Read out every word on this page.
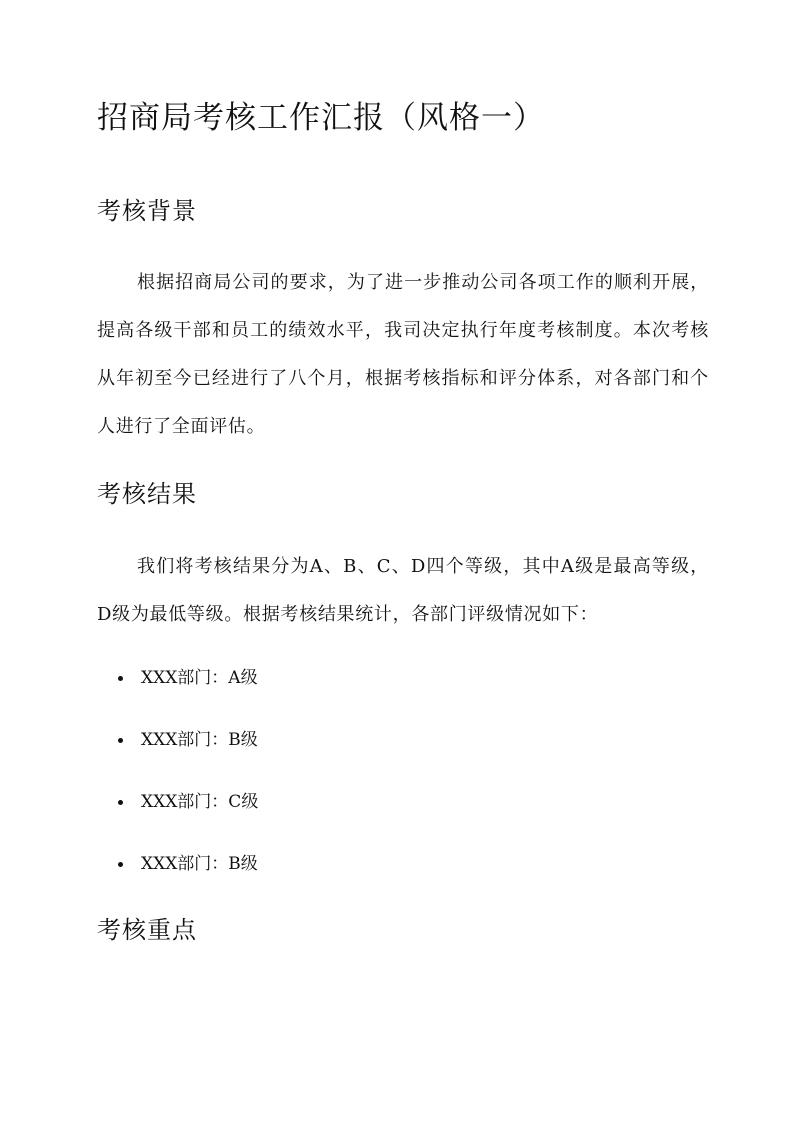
招商局考核工作汇报（风格一）
考核背景

根据招商局公司的要求，为了进一步推动公司各项工作的顺利开展，提高各级干部和员工的绩效水平，我司决定执行年度考核制度。本次考核从年初至今已经进行了八个月，根据考核指标和评分体系，对各部门和个人进行了全面评估。

考核结果

我们将考核结果分为A、B、C、D四个等级，其中A级是最高等级，D级为最低等级。根据考核结果统计，各部门评级情况如下：

XXX部门：A级
XXX部门：B级
XXX部门：C级
XXX部门：B级
考核重点
